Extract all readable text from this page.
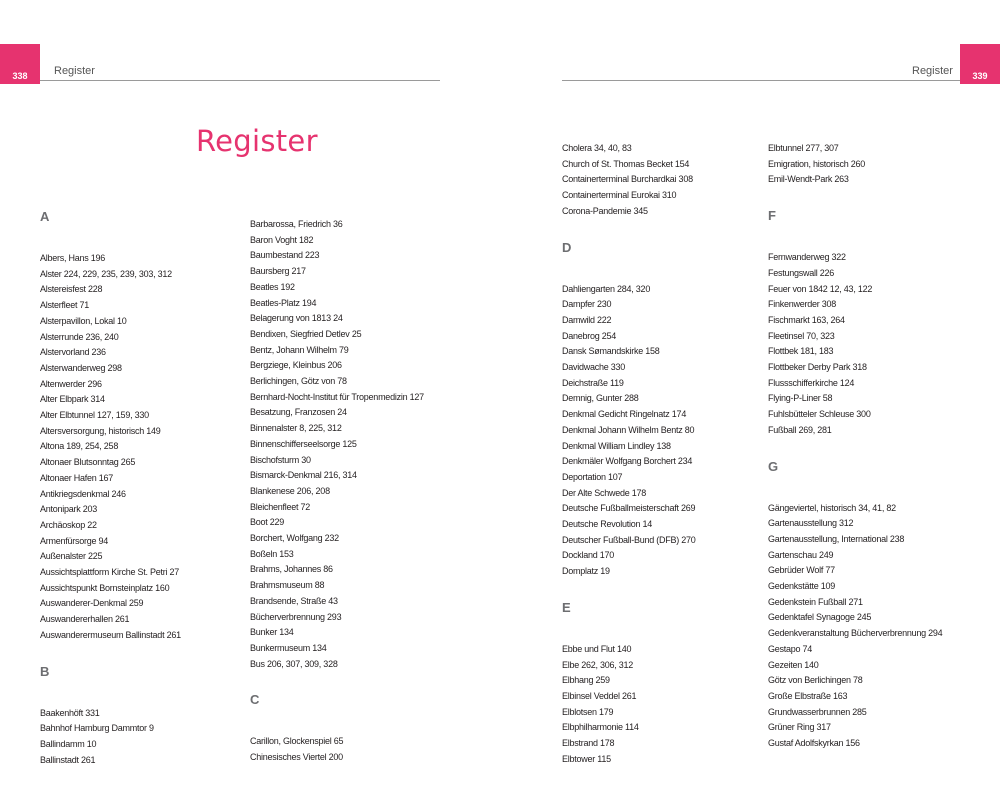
338	339
Register	Register
Register
A
Albers, Hans 196
Alster 224, 229, 235, 239, 303, 312
Alstereisfest 228
Alsterfleet 71
Alsterpavillon, Lokal 10
Alsterrunde 236, 240
Alstervorland 236
Alsterwanderweg 298
Altenwerder 296
Alter Elbpark 314
Alter Elbtunnel 127, 159, 330
Altersversorgung, historisch 149
Altona 189, 254, 258
Altonaer Blutsonntag 265
Altonaer Hafen 167
Antikriegsdenkmal 246
Antonipark 203
Archäoskop 22
Armenfürsorge 94
Außenalster 225
Aussichtsplattform Kirche St. Petri 27
Aussichtspunkt Bornsteinplatz 160
Auswanderer-Denkmal 259
Auswandererhallen 261
Auswanderermuseum Ballinstadt 261
B
Baakenhöft 331
Bahnhof Hamburg Dammtor 9
Ballindamm 10
Ballinstadt 261
Barbarossa, Friedrich 36
Baron Voght 182
Baumbestand 223
Baursberg 217
Beatles 192
Beatles-Platz 194
Belagerung von 1813 24
Bendixen, Siegfried Detlev 25
Bentz, Johann Wilhelm 79
Bergziege, Kleinbus 206
Berlichingen, Götz von 78
Bernhard-Nocht-Institut für Tropenmedizin 127
Besatzung, Franzosen 24
Binnenalster 8, 225, 312
Binnenschifferseelsorge 125
Bischofsturm 30
Bismarck-Denkmal 216, 314
Blankenese 206, 208
Bleichenfleet 72
Boot 229
Borchert, Wolfgang 232
Boßeln 153
Brahms, Johannes 86
Brahmsmuseum 88
Brandsende, Straße 43
Bücherverbrennung 293
Bunker 134
Bunkermuseum 134
Bus 206, 307, 309, 328
C
Carillon, Glockenspiel 65
Chinesisches Viertel 200
Cholera 34, 40, 83
Church of St. Thomas Becket 154
Containerterminal Burchardkai 308
Containerterminal Eurokai 310
Corona-Pandemie 345
D
Dahliengarten 284, 320
Dampfer 230
Damwild 222
Danebrog 254
Dansk Sømandskirke 158
Davidwache 330
Deichstraße 119
Demnig, Gunter 288
Denkmal Gedicht Ringelnatz 174
Denkmal Johann Wilhelm Bentz 80
Denkmal William Lindley 138
Denkmäler Wolfgang Borchert 234
Deportation 107
Der Alte Schwede 178
Deutsche Fußballmeisterschaft 269
Deutsche Revolution 14
Deutscher Fußball-Bund (DFB) 270
Dockland 170
Domplatz 19
E
Ebbe und Flut 140
Elbe 262, 306, 312
Elbhang 259
Elbinsel Veddel 261
Elblotsen 179
Elbphilharmonie 114
Elbstrand 178
Elbtower 115
Elbtunnel 277, 307
Emigration, historisch 260
Emil-Wendt-Park 263
F
Fernwanderweg 322
Festungswall 226
Feuer von 1842 12, 43, 122
Finkenwerder 308
Fischmarkt 163, 264
Fleetinsel 70, 323
Flottbek 181, 183
Flottbeker Derby Park 318
Flussschifferkirche 124
Flying-P-Liner 58
Fuhlsbütteler Schleuse 300
Fußball 269, 281
G
Gängeviertel, historisch 34, 41, 82
Gartenausstellung 312
Gartenausstellung, International 238
Gartenschau 249
Gebrüder Wolf 77
Gedenkstätte 109
Gedenkstein Fußball 271
Gedenktafel Synagoge 245
Gedenkveranstaltung Bücherverbrennung 294
Gestapo 74
Gezeiten 140
Götz von Berlichingen 78
Große Elbstraße 163
Grundwasserbrunnen 285
Grüner Ring 317
Gustaf Adolfskyrkan 156
